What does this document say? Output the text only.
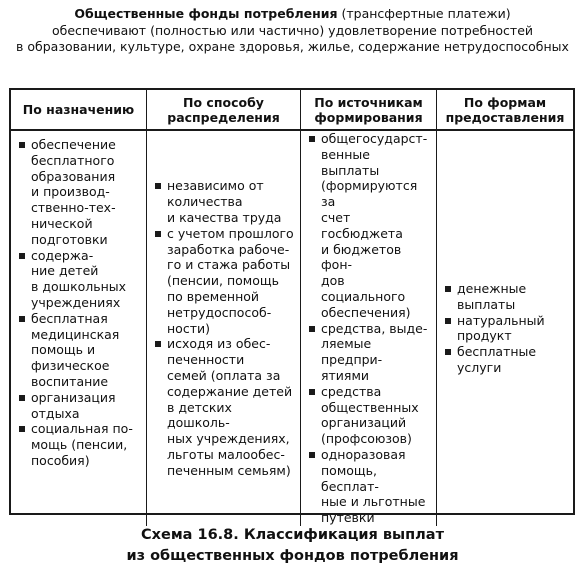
Общественные фонды потребления (трансфертные платежи)
обеспечивают (полностью или частично) удовлетворение потребностей
в образовании, культуре, охране здоровья, жилье, содержание нетрудоспособных
По назначению	По способу
распределения
По источникам
формирования
По формам
предоставления
обеспечение
бесплатного
образования
и производ-
ственно-тех-
нической
подготовки
содержа-
ние детей
в дошкольных
учреждениях
бесплатная
медицинская
помощь и
физическое
воспитание
организация
отдыха
социальная по-
мощь (пенсии,
пособия)
независимо от
количества
и качества труда
с учетом прошлого
заработка рабоче-
го и стажа работы
(пенсии, помощь
по временной
нетрудоспособ-
ности)
исходя из обес-
печенности
семей (оплата за
содержание детей
в детских дошколь-
ных учреждениях,
льготы малообес-
печенным семьям)
общегосударст-
венные выплаты
(формируются за
счет госбюджета
и бюджетов фон-
дов социального
обеспечения)
средства, выде-
ляемые предпри-
ятиями
средства
общественных
организаций
(профсоюзов)
одноразовая
помощь, бесплат-
ные и льготные
путевки
денежные
выплаты
натуральный
продукт
бесплатные
услуги
Схема 16.8. Классификация выплат
из общественных фондов потребления
